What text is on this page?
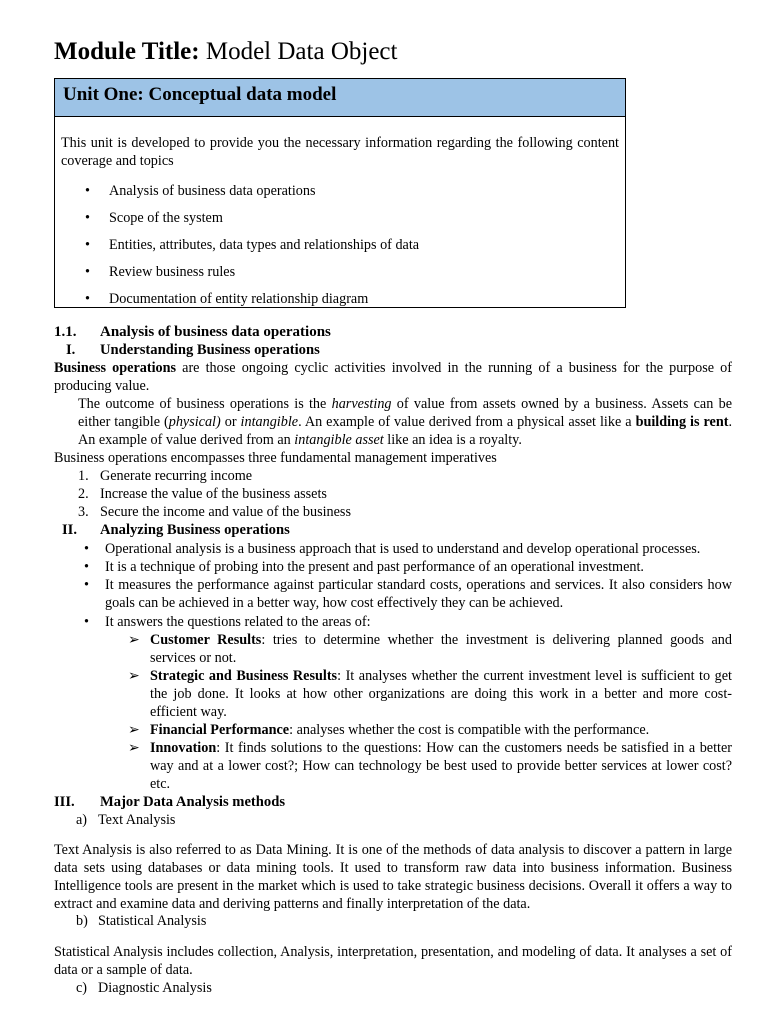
Module Title: Model Data Object
Unit One: Conceptual data model
This unit is developed to provide you the necessary information regarding the following content coverage and topics
• Analysis of business data operations
• Scope of the system
• Entities, attributes, data types and relationships of data
• Review business rules
• Documentation of entity relationship diagram
1.1. Analysis of business data operations
I. Understanding Business operations
Business operations are those ongoing cyclic activities involved in the running of a business for the purpose of producing value.
The outcome of business operations is the harvesting of value from assets owned by a business. Assets can be either tangible (physical) or intangible. An example of value derived from a physical asset like a building is rent. An example of value derived from an intangible asset like an idea is a royalty.
Business operations encompasses three fundamental management imperatives
1. Generate recurring income
2. Increase the value of the business assets
3. Secure the income and value of the business
II. Analyzing Business operations
• Operational analysis is a business approach that is used to understand and develop operational processes.
• It is a technique of probing into the present and past performance of an operational investment.
• It measures the performance against particular standard costs, operations and services. It also considers how goals can be achieved in a better way, how cost effectively they can be achieved.
• It answers the questions related to the areas of:
➢ Customer Results: tries to determine whether the investment is delivering planned goods and services or not.
➢ Strategic and Business Results: It analyses whether the current investment level is sufficient to get the job done. It looks at how other organizations are doing this work in a better and more cost-efficient way.
➢ Financial Performance: analyses whether the cost is compatible with the performance.
➢ Innovation: It finds solutions to the questions: How can the customers needs be satisfied in a better way and at a lower cost?; How can technology be best used to provide better services at lower cost? etc.
III. Major Data Analysis methods
a) Text Analysis
Text Analysis is also referred to as Data Mining. It is one of the methods of data analysis to discover a pattern in large data sets using databases or data mining tools. It used to transform raw data into business information. Business Intelligence tools are present in the market which is used to take strategic business decisions. Overall it offers a way to extract and examine data and deriving patterns and finally interpretation of the data.
b) Statistical Analysis
Statistical Analysis includes collection, Analysis, interpretation, presentation, and modeling of data. It analyses a set of data or a sample of data.
c) Diagnostic Analysis
